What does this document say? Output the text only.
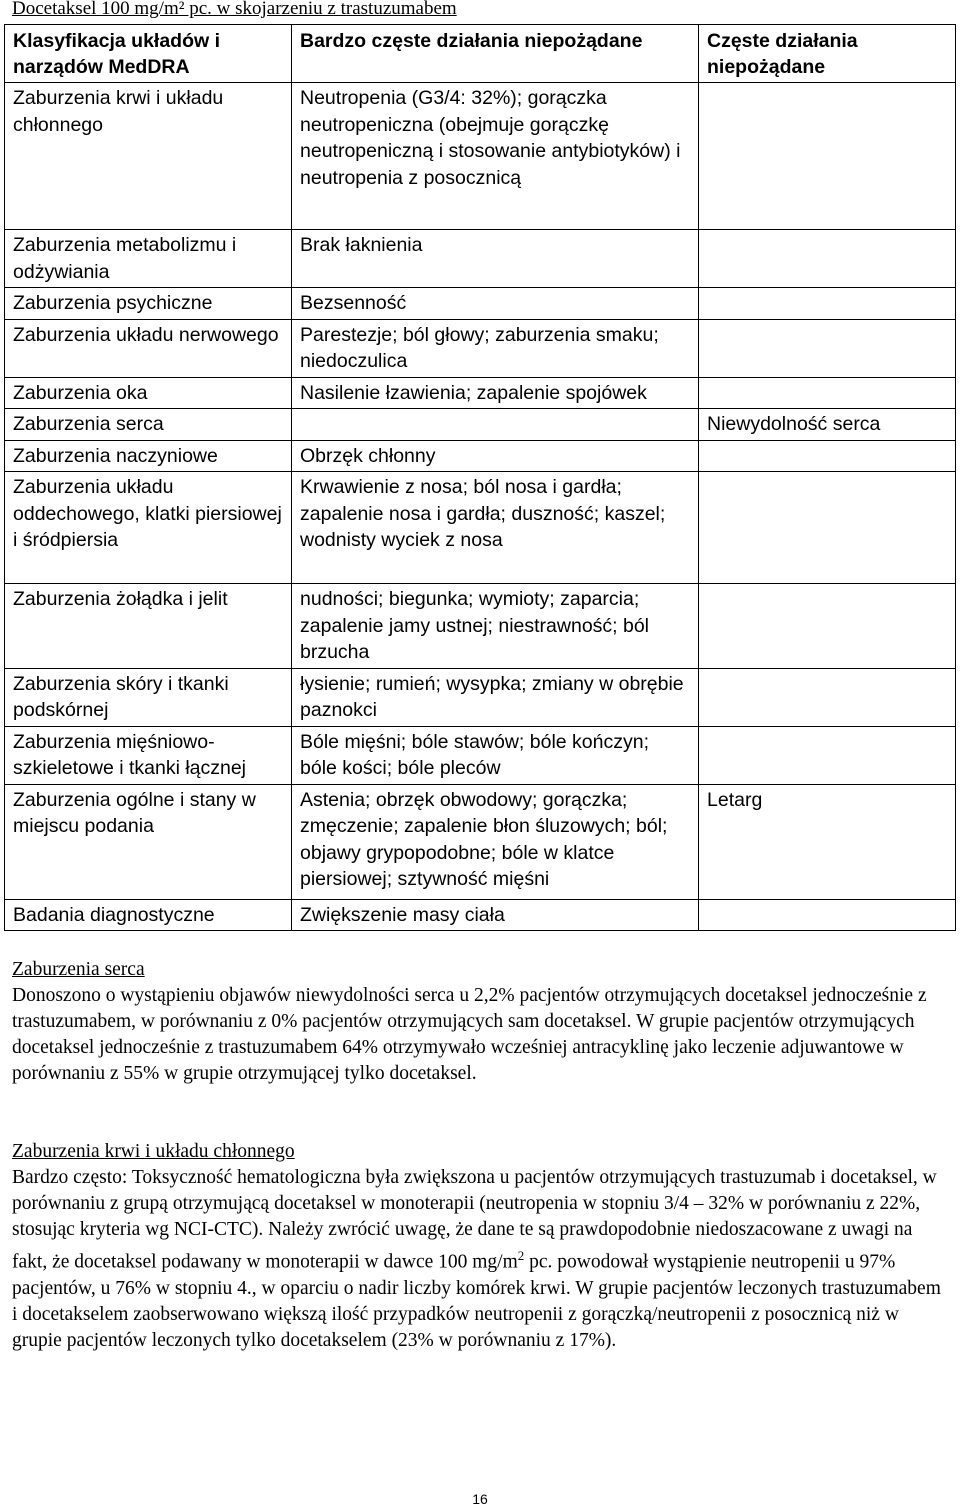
Docetaksel 100 mg/m² pc. w skojarzeniu z trastuzumabem
Klasyfikacja układów i narządów MedDRA	Bardzo częste działania niepożądane	Częste działania niepożądane

Zaburzenia krwi i układu chłonnego	Neutropenia (G3/4: 32%); gorączka neutropeniczna (obejmuje gorączkę neutropeniczną i stosowanie antybiotyków) i neutropenia z posocznicą	

Zaburzenia metabolizmu i odżywiania	Brak łaknienia	

Zaburzenia psychiczne	Bezsenność	

Zaburzenia układu nerwowego	Parestezje; ból głowy; zaburzenia smaku; niedoczulica	

Zaburzenia oka	Nasilenie łzawienia; zapalenie spojówek	

Zaburzenia serca		Niewydolność serca

Zaburzenia naczyniowe	Obrzęk chłonny	

Zaburzenia układu oddechowego, klatki piersiowej i śródpiersia	Krwawienie z nosa; ból nosa i gardła; zapalenie nosa i gardła; duszność; kaszel; wodnisty wyciek z nosa	

Zaburzenia żołądka i jelit	nudności; biegunka; wymioty; zaparcia; zapalenie jamy ustnej; niestrawność; ból brzucha	

Zaburzenia skóry i tkanki podskórnej	łysienie; rumień; wysypka; zmiany w obrębie paznokci	

Zaburzenia mięśniowo-szkieletowe i tkanki łącznej	Bóle mięśni; bóle stawów; bóle kończyn; bóle kości; bóle pleców	

Zaburzenia ogólne i stany w miejscu podania	Astenia; obrzęk obwodowy; gorączka; zmęczenie; zapalenie błon śluzowych; ból; objawy grypopodobne; bóle w klatce piersiowej; sztywność mięśni	Letarg

Badania diagnostyczne	Zwiększenie masy ciała	

Zaburzenia serca
Donoszono o wystąpieniu objawów niewydolności serca u 2,2% pacjentów otrzymujących docetaksel jednocześnie z trastuzumabem, w porównaniu z 0% pacjentów otrzymujących sam docetaksel. W grupie pacjentów otrzymujących docetaksel jednocześnie z trastuzumabem 64% otrzymywało wcześniej antracyklinę jako leczenie adjuwantowe w porównaniu z 55% w grupie otrzymującej tylko docetaksel.
Zaburzenia krwi i układu chłonnego
Bardzo często: Toksyczność hematologiczna była zwiększona u pacjentów otrzymujących trastuzumab i docetaksel, w porównaniu z grupą otrzymującą docetaksel w monoterapii (neutropenia w stopniu 3/4 – 32% w porównaniu z 22%, stosując kryteria wg NCI-CTC). Należy zwrócić uwagę, że dane te są prawdopodobnie niedoszacowane z uwagi na fakt, że docetaksel podawany w monoterapii w dawce 100 $mg/m^2$ pc. powodował wystąpienie neutropenii u 97% pacjentów, u 76% w stopniu 4., w oparciu o nadir liczby komórek krwi. W grupie pacjentów leczonych trastuzumabem i docetakselem zaobserwowano większą ilość przypadków neutropenii z gorączką/neutropenii z posocznicą niż w grupie pacjentów leczonych tylko docetakselem (23% w porównaniu z 17%).
16
